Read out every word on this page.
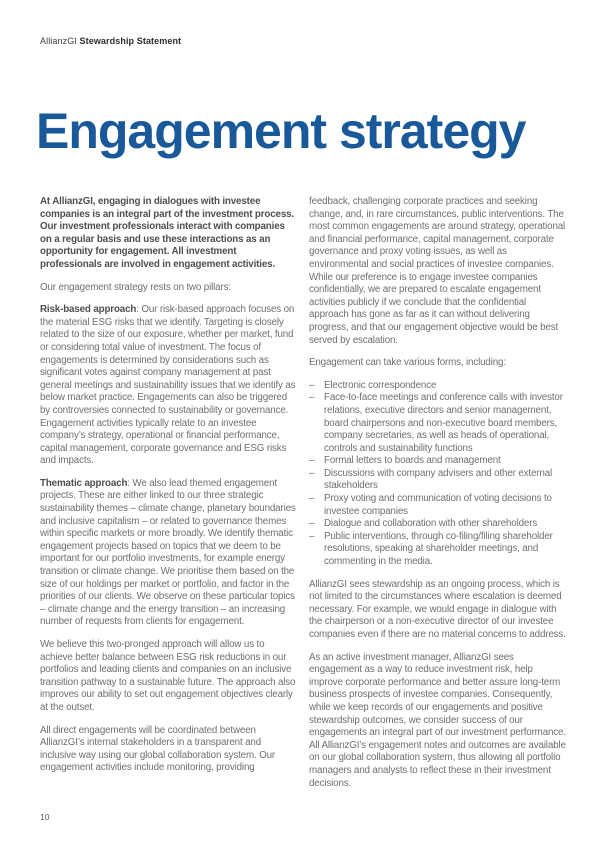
AllianzGI Stewardship Statement
Engagement strategy

At AllianzGI, engaging in dialogues with investee companies is an integral part of the investment process. Our investment professionals interact with companies on a regular basis and use these interactions as an opportunity for engagement. All investment professionals are involved in engagement activities.

Our engagement strategy rests on two pillars:

Risk-based approach: Our risk-based approach focuses on the material ESG risks that we identify. Targeting is closely related to the size of our exposure, whether per market, fund or considering total value of investment. The focus of engagements is determined by considerations such as significant votes against company management at past general meetings and sustainability issues that we identify as below market practice. Engagements can also be triggered by controversies connected to sustainability or governance. Engagement activities typically relate to an investee company’s strategy, operational or financial performance, capital management, corporate governance and ESG risks and impacts.

Thematic approach: We also lead themed engagement projects. These are either linked to our three strategic sustainability themes – climate change, planetary boundaries and inclusive capitalism – or related to governance themes within specific markets or more broadly. We identify thematic engagement projects based on topics that we deem to be important for our portfolio investments, for example energy transition or climate change. We prioritise them based on the size of our holdings per market or portfolio, and factor in the priorities of our clients. We observe on these particular topics – climate change and the energy transition – an increasing number of requests from clients for engagement.

We believe this two-pronged approach will allow us to achieve better balance between ESG risk reductions in our portfolios and leading clients and companies on an inclusive transition pathway to a sustainable future. The approach also improves our ability to set out engagement objectives clearly at the outset.

All direct engagements will be coordinated between AllianzGI’s internal stakeholders in a transparent and inclusive way using our global collaboration system. Our engagement activities include monitoring, providing

feedback, challenging corporate practices and seeking change, and, in rare circumstances, public interventions. The most common engagements are around strategy, operational and financial performance, capital management, corporate governance and proxy voting issues, as well as environmental and social practices of investee companies. While our preference is to engage investee companies confidentially, we are prepared to escalate engagement activities publicly if we conclude that the confidential approach has gone as far as it can without delivering progress, and that our engagement objective would be best served by escalation.

Engagement can take various forms, including:

– Electronic correspondence
– Face-to-face meetings and conference calls with investor relations, executive directors and senior management, board chairpersons and non-executive board members, company secretaries, as well as heads of operational, controls and sustainability functions
– Formal letters to boards and management
– Discussions with company advisers and other external stakeholders
– Proxy voting and communication of voting decisions to investee companies
– Dialogue and collaboration with other shareholders
– Public interventions, through co-filing/filing shareholder resolutions, speaking at shareholder meetings, and commenting in the media.

AllianzGI sees stewardship as an ongoing process, which is not limited to the circumstances where escalation is deemed necessary. For example, we would engage in dialogue with the chairperson or a non-executive director of our investee companies even if there are no material concerns to address.

As an active investment manager, AllianzGI sees engagement as a way to reduce investment risk, help improve corporate performance and better assure long-term business prospects of investee companies. Consequently, while we keep records of our engagements and positive stewardship outcomes, we consider success of our engagements an integral part of our investment performance. All AllianzGI’s engagement notes and outcomes are available on our global collaboration system, thus allowing all portfolio managers and analysts to reflect these in their investment decisions.

10
